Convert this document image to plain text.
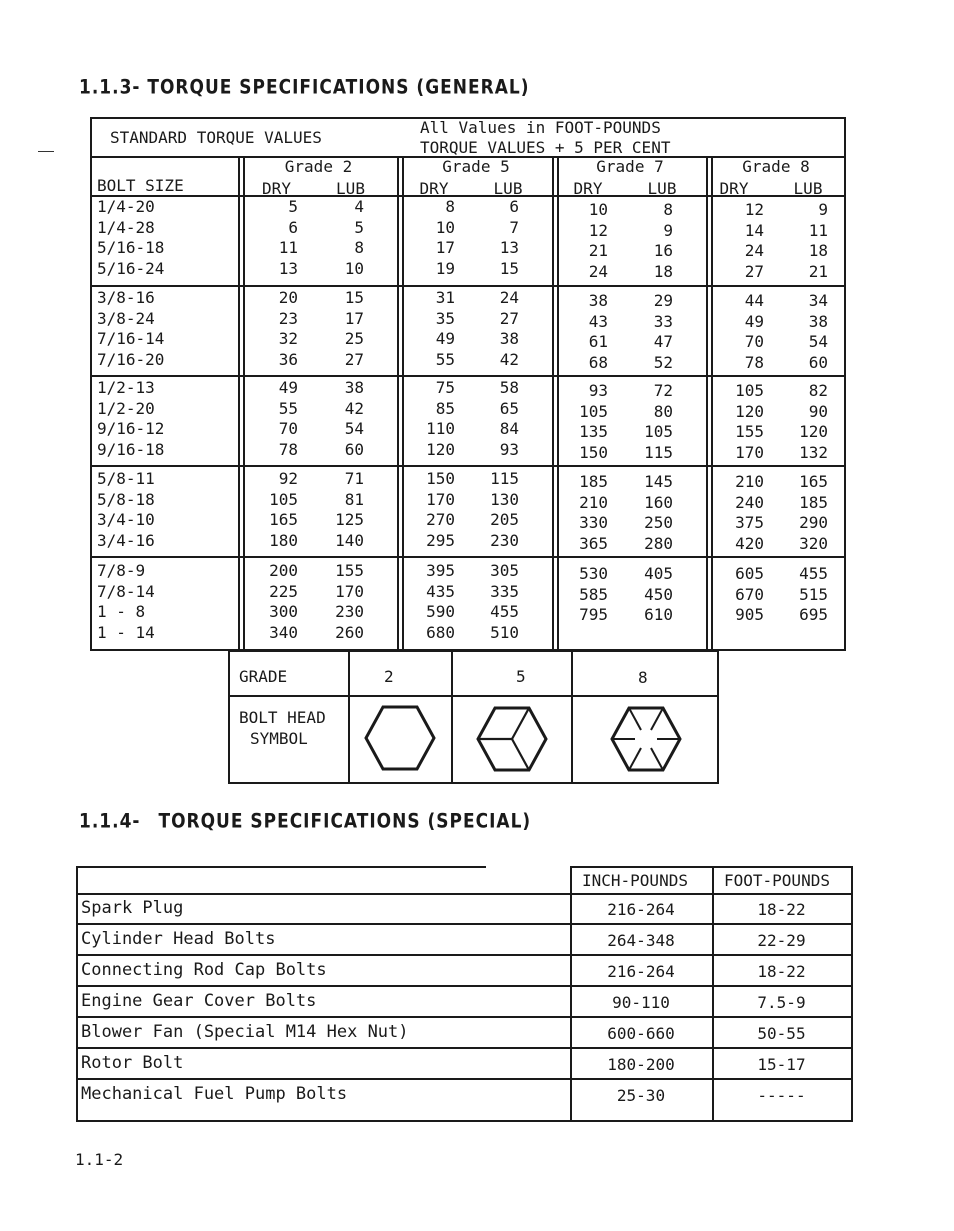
1.1.3- TORQUE SPECIFICATIONS (GENERAL)
STANDARD TORQUE VALUES
All Values in FOOT-POUNDS
TORQUE VALUES + 5 PER CENT
BOLT SIZE
Grade 2
DRY	LUB
Grade 5
DRY	LUB
Grade 7
DRY	LUB
Grade 8
DRY	LUB
1/4-20	5	4	8	6	10	8	12	9
1/4-28	6	5	10	7	12	9	14	11
5/16-18	11	8	17	13	21	16	24	18
5/16-24	13	10	19	15	24	18	27	21
3/8-16	20	15	31	24	38	29	44	34
3/8-24	23	17	35	27	43	33	49	38
7/16-14	32	25	49	38	61	47	70	54
7/16-20	36	27	55	42	68	52	78	60
1/2-13	49	38	75	58	93	72	105	82
1/2-20	55	42	85	65	105	80	120	90
9/16-12	70	54	110	84	135	105	155	120
9/16-18	78	60	120	93	150	115	170	132
5/8-11	92	71	150	115	185	145	210	165
5/8-18	105	81	170	130	210	160	240	185
3/4-10	165	125	270	205	330	250	375	290
3/4-16	180	140	295	230	365	280	420	320
7/8-9	200	155	395	305	530	405	605	455
7/8-14	225	170	435	335	585	450	670	515
1 - 8	300	230	590	455	795	610	905	695
1 - 14	340	260	680	510
GRADE	2	5	8
BOLT HEAD
SYMBOL
1.1.4- TORQUE SPECIFICATIONS (SPECIAL)
INCH-POUNDS FOOT-POUNDS
Spark Plug	216-264	18-22
Cylinder Head Bolts	264-348	22-29
Connecting Rod Cap Bolts	216-264	18-22
Engine Gear Cover Bolts	90-110	7.5-9
Blower Fan (Special M14 Hex Nut)	600-660	50-55
Rotor Bolt	180-200	15-17
Mechanical Fuel Pump Bolts	25-30	-----
1.1-2
